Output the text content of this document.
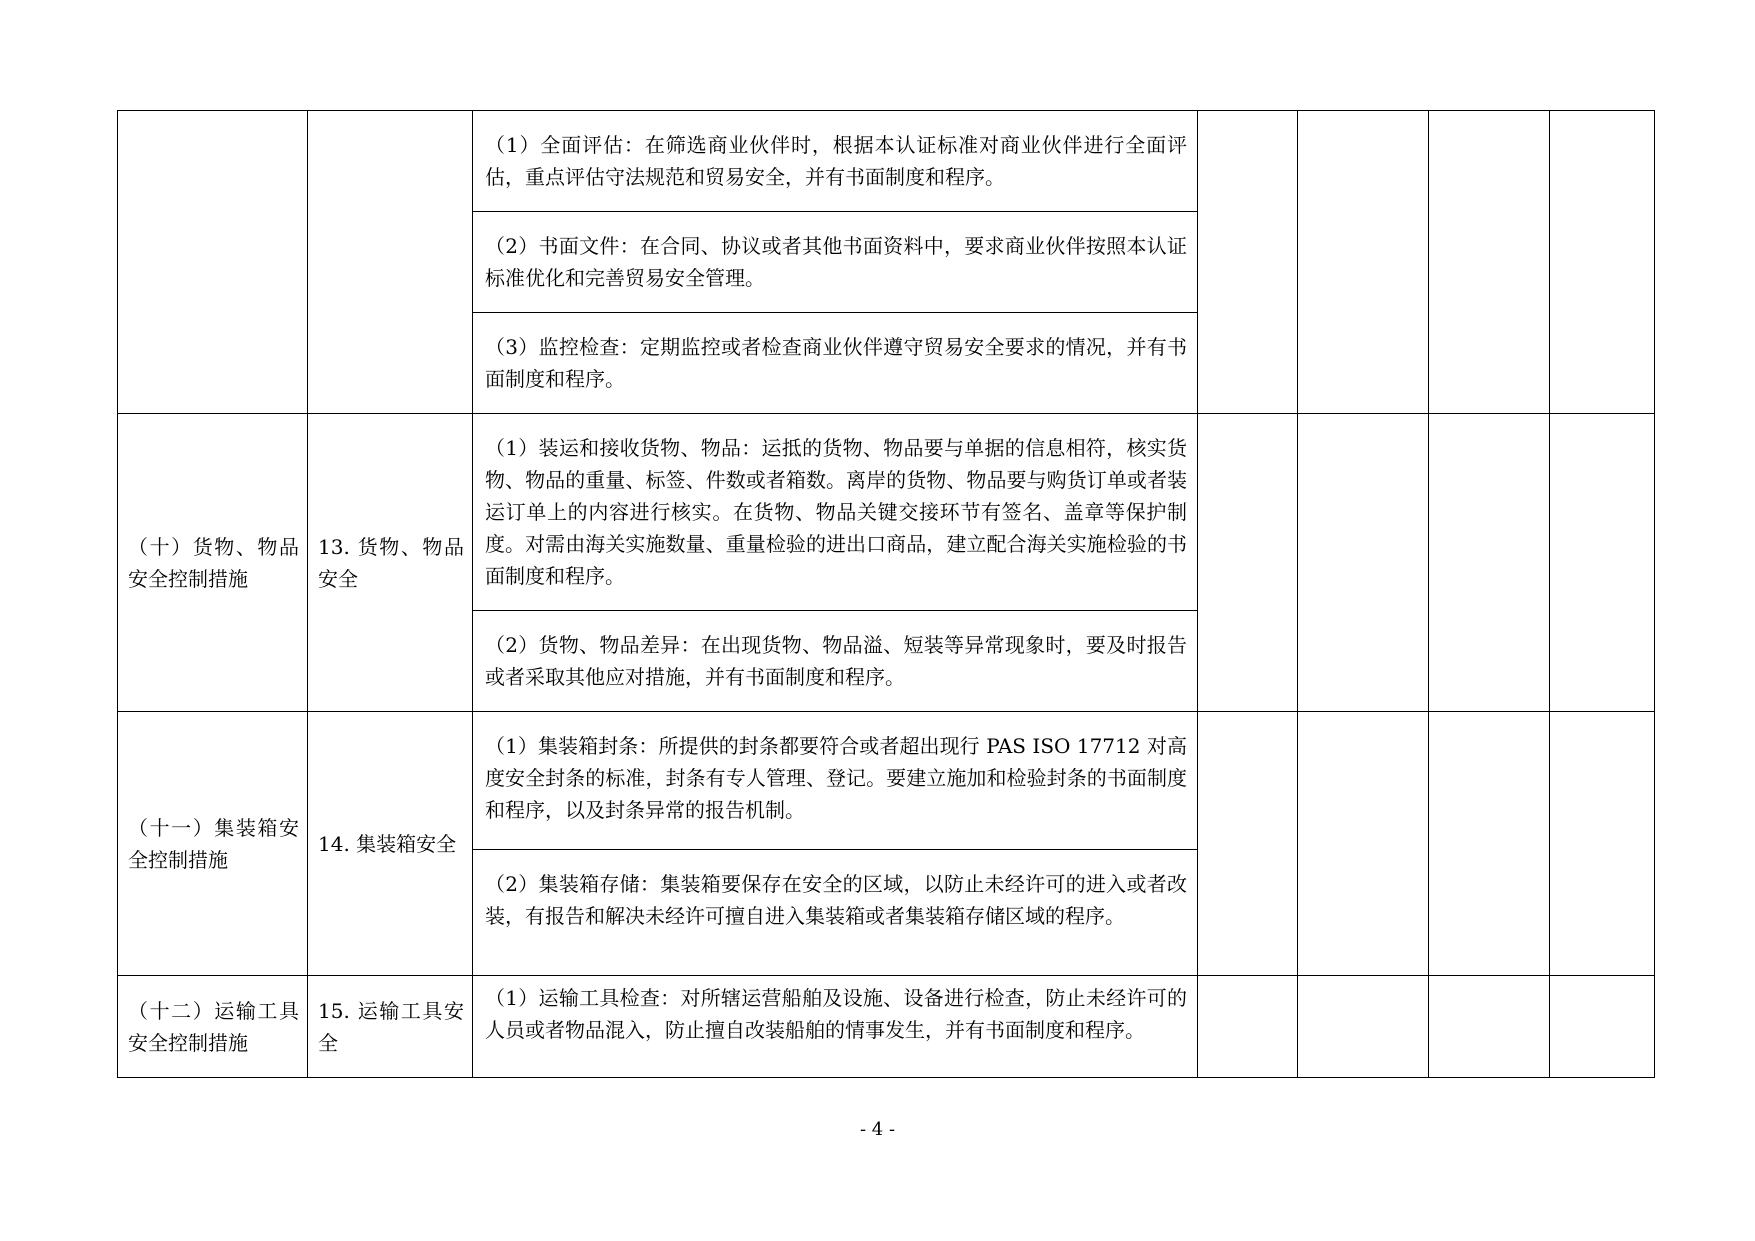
		（1）全面评估：在筛选商业伙伴时，根据本认证标准对商业伙伴进行全面评估，重点评估守法规范和贸易安全，并有书面制度和程序。				

		（2）书面文件：在合同、协议或者其他书面资料中，要求商业伙伴按照本认证标准优化和完善贸易安全管理。				

		（3）监控检查：定期监控或者检查商业伙伴遵守贸易安全要求的情况，并有书面制度和程序。				

（十）货物、物品安全控制措施	13. 货物、物品安全	（1）装运和接收货物、物品：运抵的货物、物品要与单据的信息相符，核实货物、物品的重量、标签、件数或者箱数。离岸的货物、物品要与购货订单或者装运订单上的内容进行核实。在货物、物品关键交接环节有签名、盖章等保护制度。对需由海关实施数量、重量检验的进出口商品，建立配合海关实施检验的书面制度和程序。				

		（2）货物、物品差异：在出现货物、物品溢、短装等异常现象时，要及时报告或者采取其他应对措施，并有书面制度和程序。				

（十一）集装箱安全控制措施	14. 集装箱安全	（1）集装箱封条：所提供的封条都要符合或者超出现行 PAS ISO 17712 对高度安全封条的标准，封条有专人管理、登记。要建立施加和检验封条的书面制度和程序，以及封条异常的报告机制。				

		（2）集装箱存储：集装箱要保存在安全的区域，以防止未经许可的进入或者改装，有报告和解决未经许可擅自进入集装箱或者集装箱存储区域的程序。				

（十二）运输工具安全控制措施	15. 运输工具安全	（1）运输工具检查：对所辖运营船舶及设施、设备进行检查，防止未经许可的人员或者物品混入，防止擅自改装船舶的情事发生，并有书面制度和程序。				

- 4 -
